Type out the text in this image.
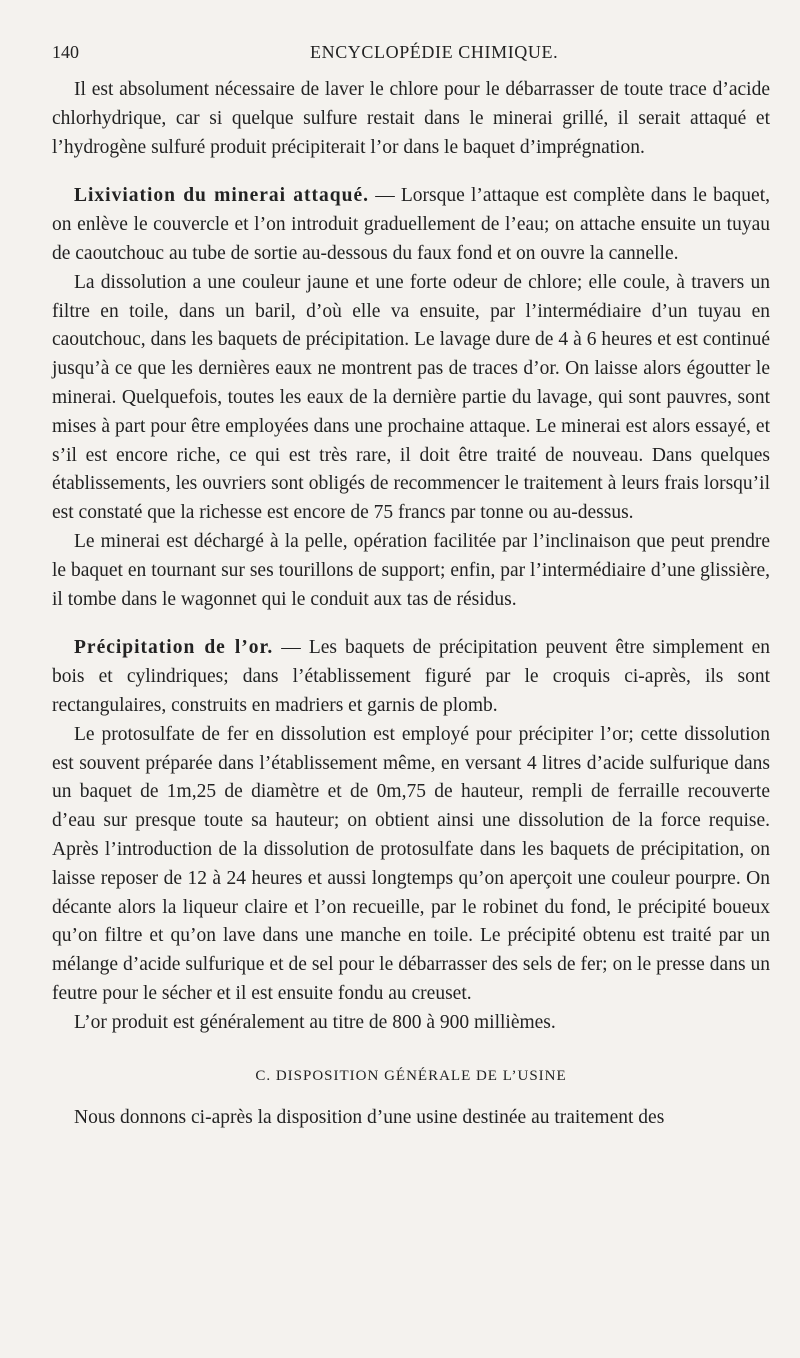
140	ENCYCLOPÉDIE CHIMIQUE.

Il est absolument nécessaire de laver le chlore pour le débarrasser de toute trace d’acide chlorhydrique, car si quelque sulfure restait dans le minerai grillé, il serait attaqué et l’hydrogène sulfuré produit précipiterait l’or dans le baquet d’imprégnation.

Lixiviation du minerai attaqué. — Lorsque l’attaque est complète dans le baquet, on enlève le couvercle et l’on introduit graduellement de l’eau; on attache ensuite un tuyau de caoutchouc au tube de sortie au-dessous du faux fond et on ouvre la cannelle.

La dissolution a une couleur jaune et une forte odeur de chlore; elle coule, à travers un filtre en toile, dans un baril, d’où elle va ensuite, par l’intermédiaire d’un tuyau en caoutchouc, dans les baquets de précipitation. Le lavage dure de 4 à 6 heures et est continué jusqu’à ce que les dernières eaux ne montrent pas de traces d’or. On laisse alors égoutter le minerai. Quelquefois, toutes les eaux de la dernière partie du lavage, qui sont pauvres, sont mises à part pour être employées dans une prochaine attaque. Le minerai est alors essayé, et s’il est encore riche, ce qui est très rare, il doit être traité de nouveau. Dans quelques établissements, les ouvriers sont obligés de recommencer le traitement à leurs frais lorsqu’il est constaté que la richesse est encore de 75 francs par tonne ou au-dessus.

Le minerai est déchargé à la pelle, opération facilitée par l’inclinaison que peut prendre le baquet en tournant sur ses tourillons de support; enfin, par l’intermédiaire d’une glissière, il tombe dans le wagonnet qui le conduit aux tas de résidus.

Précipitation de l’or. — Les baquets de précipitation peuvent être simplement en bois et cylindriques; dans l’établissement figuré par le croquis ci-après, ils sont rectangulaires, construits en madriers et garnis de plomb.

Le protosulfate de fer en dissolution est employé pour précipiter l’or; cette dissolution est souvent préparée dans l’établissement même, en versant 4 litres d’acide sulfurique dans un baquet de 1m,25 de diamètre et de 0m,75 de hauteur, rempli de ferraille recouverte d’eau sur presque toute sa hauteur; on obtient ainsi une dissolution de la force requise. Après l’introduction de la dissolution de protosulfate dans les baquets de précipitation, on laisse reposer de 12 à 24 heures et aussi longtemps qu’on aperçoit une couleur pourpre. On décante alors la liqueur claire et l’on recueille, par le robinet du fond, le précipité boueux qu’on filtre et qu’on lave dans une manche en toile. Le précipité obtenu est traité par un mélange d’acide sulfurique et de sel pour le débarrasser des sels de fer; on le presse dans un feutre pour le sécher et il est ensuite fondu au creuset.

L’or produit est généralement au titre de 800 à 900 millièmes.

C. DISPOSITION GÉNÉRALE DE L’USINE

Nous donnons ci-après la disposition d’une usine destinée au traitement des
